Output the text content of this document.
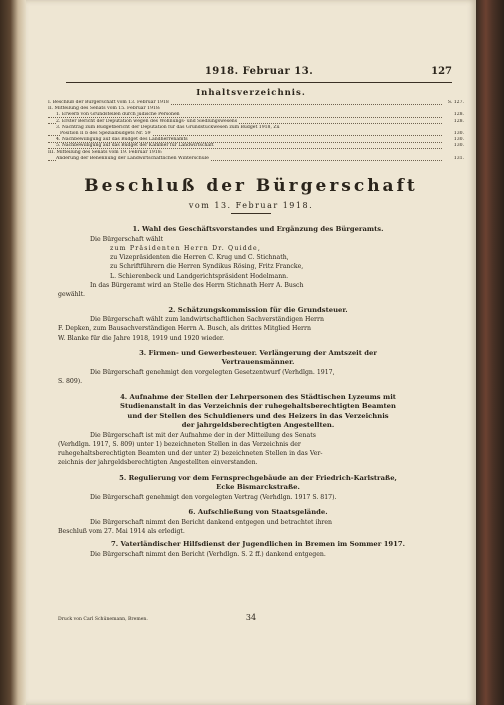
1918. Februar 13.	127
Inhaltsverzeichnis.
I. Beschluß der Bürgerschaft vom 13. Februar 1918	S. 127.
II. Mitteilung des Senats vom 15. Februar 1918:
1. Erwerb von Grundstellen durch jüdische Personen	128.
2. Erster Bericht der Deputation wegen des Wohnungs- und Siedlungswesens	128.
3. Nachtrag zum Budgetbericht der Deputation für das Grundstückwesen zum Budget 1918, Zu
Position II b des Spezialbudgets Nr. 59	130.
4. Nachbewilligung auf das Budget des Landherrenamts	130.
5. Nachbewilligung auf das Budget der Kammer für Landwirtschaft	130.
III. Mitteilung des Senats vom 19. Februar 1918:
Änderung der Benennung der Landwirtschaftlichen Winterschule	131.
Beschluß der Bürgerschaft
vom 13. Februar 1918.
1. Wahl des Geschäftsvorstandes und Ergänzung des Bürgeramts.
Die Bürgerschaft wählt
zum Präsidenten Herrn Dr. Quidde,
zu Vizepräsidenten die Herren C. Krug und C. Stichnath,
zu Schriftführern die Herren Syndikus Rösing, Fritz Francke,
L. Schierenbeck und Landgerichtspräsident Hodelmann.
In das Bürgeramt wird an Stelle des Herrn Stichnath Herr A. Busch
gewählt.
2. Schätzungskommission für die Grundsteuer.
Die Bürgerschaft wählt zum landwirtschaftlichen Sachverständigen Herrn
F. Depken, zum Bausachverständigen Herrn A. Busch, als drittes Mitglied Herrn
W. Blanke für die Jahre 1918, 1919 und 1920 wieder.
3. Firmen- und Gewerbesteuer. Verlängerung der Amtszeit der
Vertrauensmänner.
Die Bürgerschaft genehmigt den vorgelegten Gesetzentwurf (Verhdlgn. 1917,
S. 809).
4. Aufnahme der Stellen der Lehrpersonen des Städtischen Lyzeums mit
Studienanstalt in das Verzeichnis der ruhegehaltsberechtigten Beamten
und der Stellen des Schuldieners und des Heizers in das Verzeichnis
der jahrgeldsberechtigten Angestellten.
Die Bürgerschaft ist mit der Aufnahme der in der Mitteilung des Senats
(Verhdlgn. 1917, S. 809) unter 1) bezeichneten Stellen in das Verzeichnis der
ruhegehaltsberechtigten Beamten und der unter 2) bezeichneten Stellen in das Ver-
zeichnis der jahrgeldsberechtigten Angestellten einverstanden.
5. Regulierung vor dem Fernsprechgebäude an der Friedrich-Karlstraße,
Ecke Bismarckstraße.
Die Bürgerschaft genehmigt den vorgelegten Vertrag (Verhdlgn. 1917 S. 817).
6. Aufschließung von Staatsgelände.
Die Bürgerschaft nimmt den Bericht dankend entgegen und betrachtet ihren
Beschluß vom 27. Mai 1914 als erledigt.
7. Vaterländischer Hilfsdienst der Jugendlichen in Bremen im Sommer 1917.
Die Bürgerschaft nimmt den Bericht (Verhdlgn. S. 2 ff.) dankend entgegen.
34
Druck von Carl Schünemann, Bremen.
